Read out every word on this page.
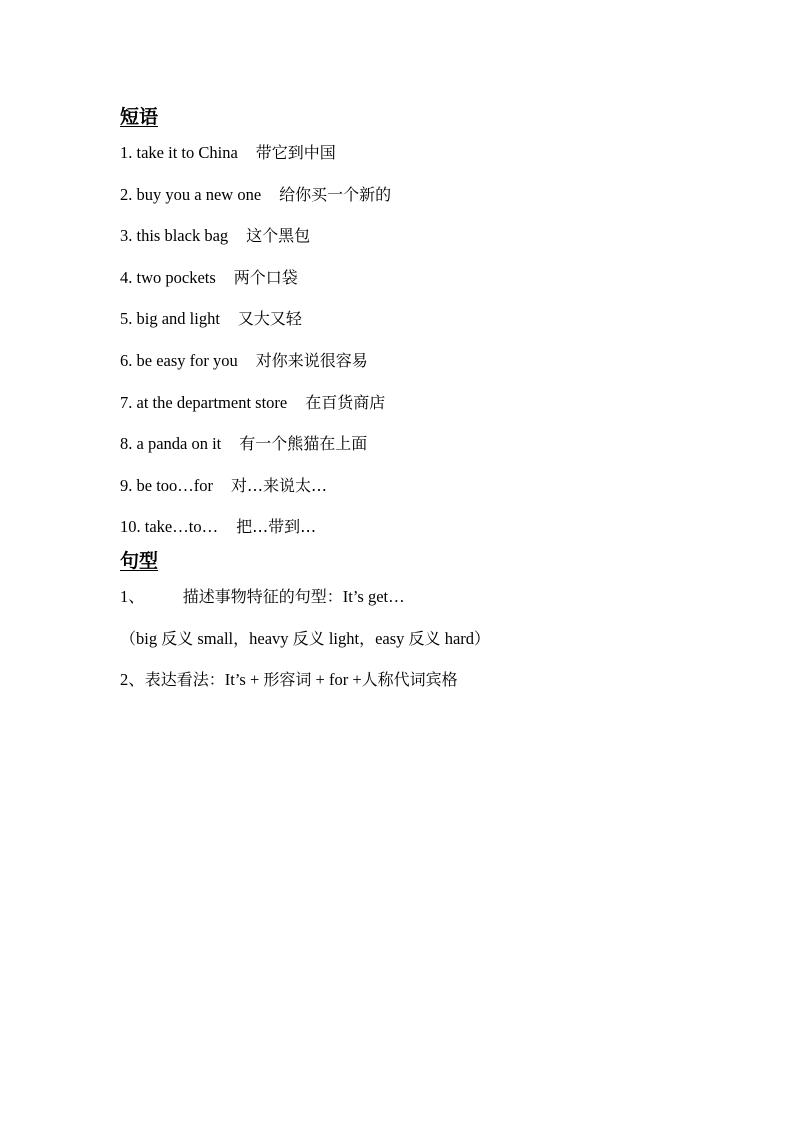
短语
1. take it to China 带它到中国
2. buy you a new one 给你买一个新的
3. this black bag 这个黑包
4. two pockets 两个口袋
5. big and light 又大又轻
6. be easy for you 对你来说很容易
7. at the department store 在百货商店
8. a panda on it 有一个熊猫在上面
9. be too…for 对…来说太…
10. take…to… 把…带到…
句型
1、 描述事物特征的句型：It’s get…
（big 反义 small，heavy 反义 light，easy 反义 hard）
2、表达看法：It’s + 形容词 + for +人称代词宾格
